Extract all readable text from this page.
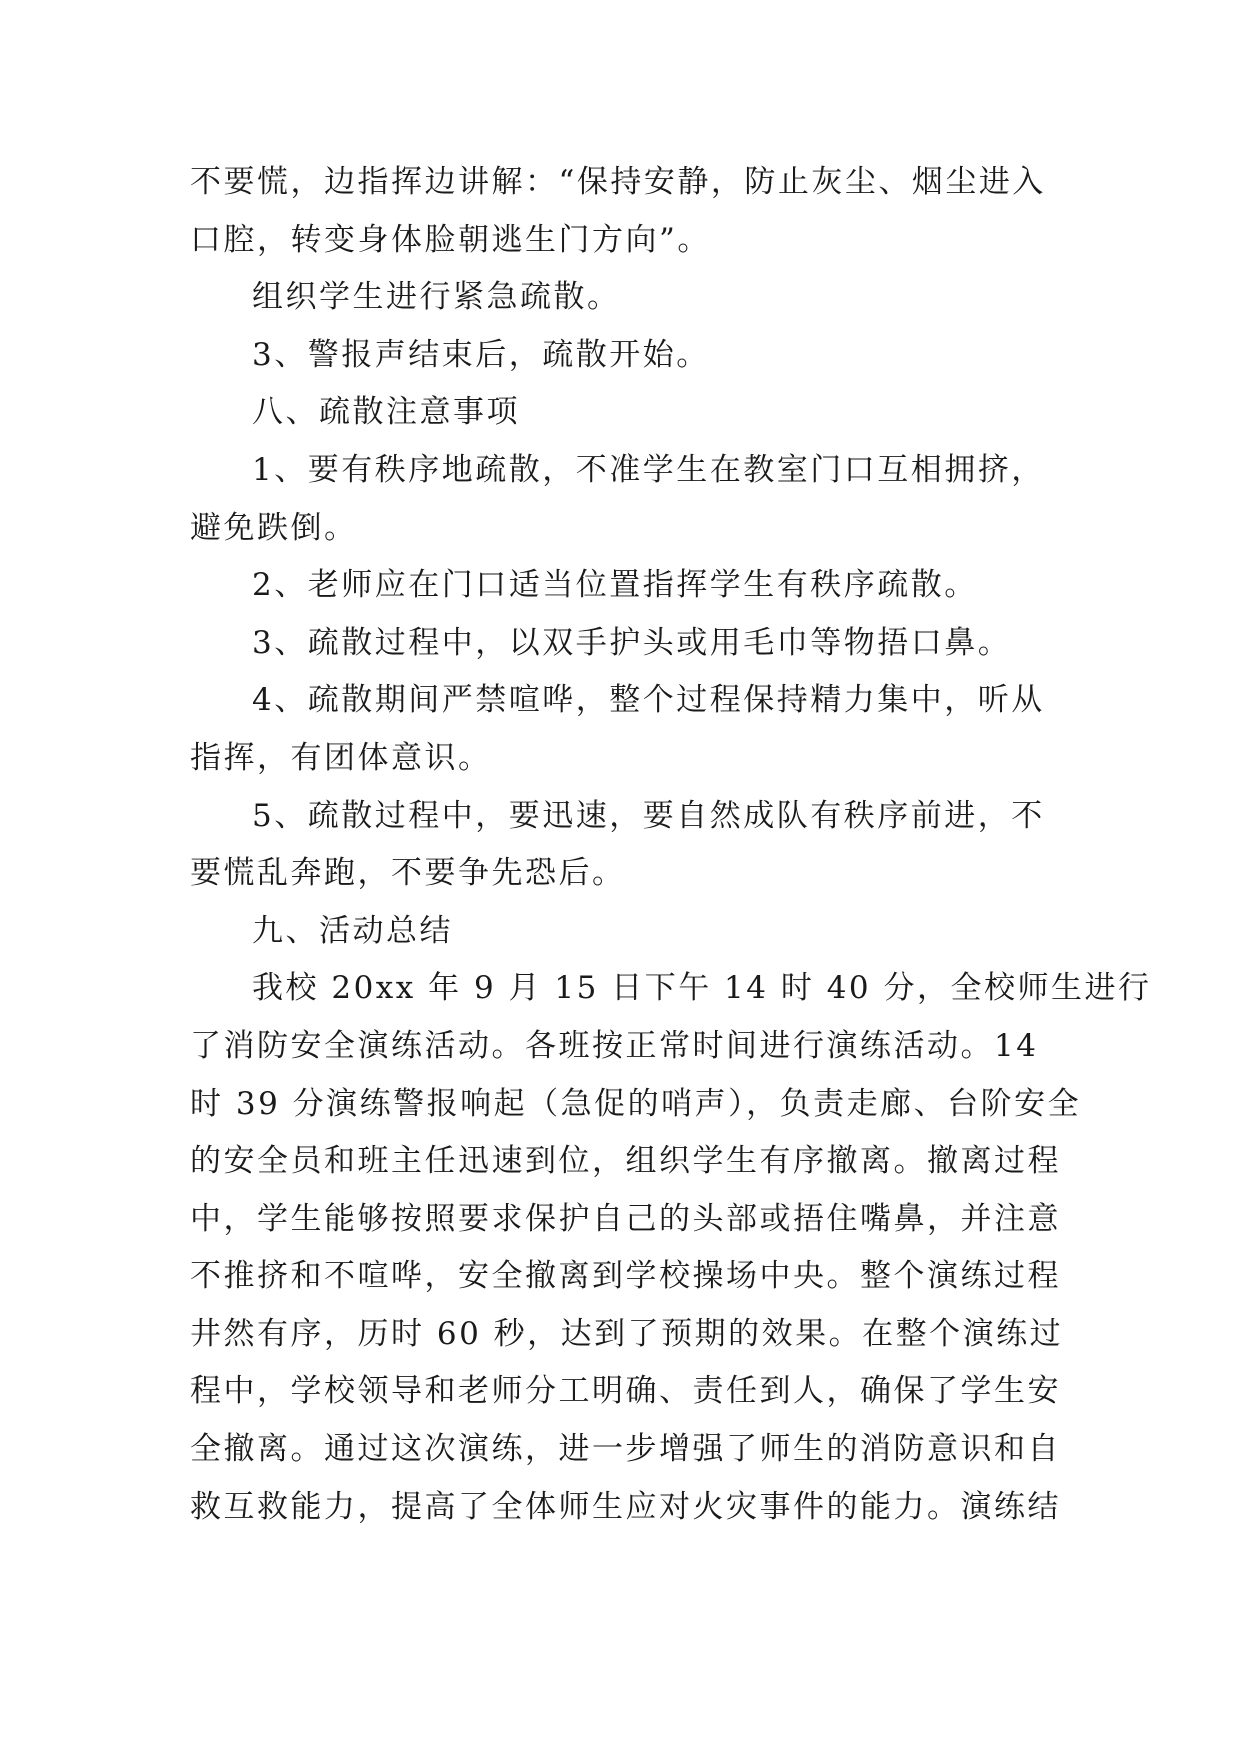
不要慌，边指挥边讲解：“保持安静，防止灰尘、烟尘进入

口腔，转变身体脸朝逃生门方向”。

组织学生进行紧急疏散。

3、警报声结束后，疏散开始。

八、疏散注意事项

1、要有秩序地疏散，不准学生在教室门口互相拥挤，

避免跌倒。

2、老师应在门口适当位置指挥学生有秩序疏散。

3、疏散过程中，以双手护头或用毛巾等物捂口鼻。

4、疏散期间严禁喧哗，整个过程保持精力集中，听从

指挥，有团体意识。

5、疏散过程中，要迅速，要自然成队有秩序前进，不

要慌乱奔跑，不要争先恐后。

九、活动总结

我校 20xx 年 9 月 15 日下午 14 时 40 分，全校师生进行

了消防安全演练活动。各班按正常时间进行演练活动。14

时 39 分演练警报响起（急促的哨声），负责走廊、台阶安全

的安全员和班主任迅速到位，组织学生有序撤离。撤离过程

中，学生能够按照要求保护自己的头部或捂住嘴鼻，并注意

不推挤和不喧哗，安全撤离到学校操场中央。整个演练过程

井然有序，历时 60 秒，达到了预期的效果。在整个演练过

程中，学校领导和老师分工明确、责任到人，确保了学生安

全撤离。通过这次演练，进一步增强了师生的消防意识和自

救互救能力，提高了全体师生应对火灾事件的能力。演练结
